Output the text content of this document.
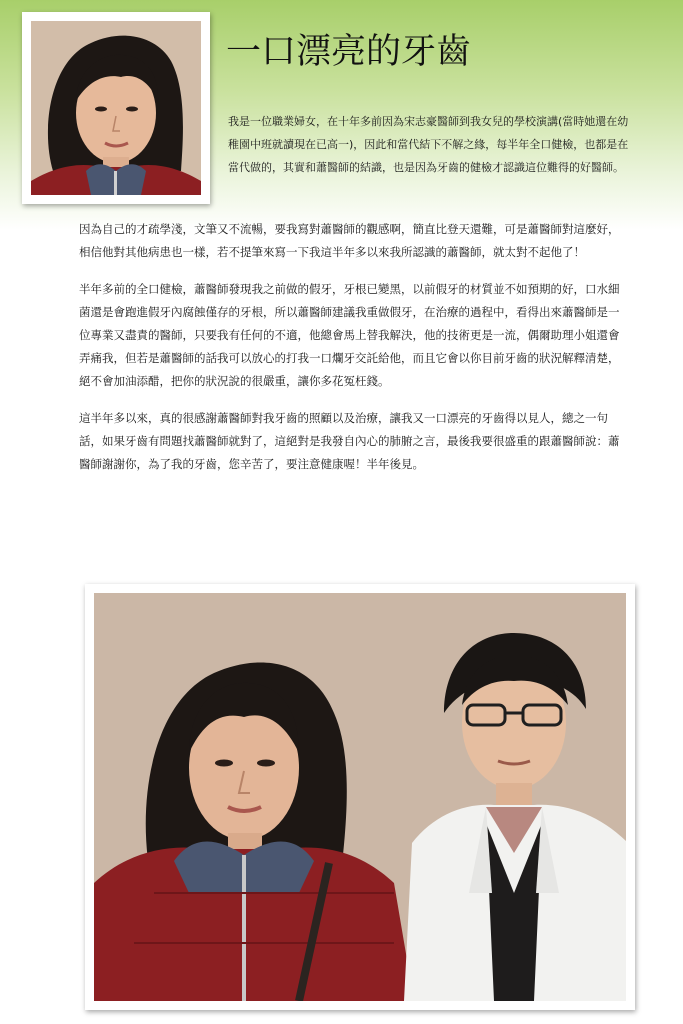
一口漂亮的牙齒

我是一位職業婦女，在十年多前因為宋志豪醫師到我女兒的學校演講(當時她還在幼稚園中班就讀現在已高一)，因此和當代結下不解之緣，每半年全口健檢，也都是在當代做的，其實和蕭醫師的結識，也是因為牙齒的健檢才認識這位難得的好醫師。

因為自己的才疏學淺，文筆又不流暢，要我寫對蕭醫師的觀感啊，簡直比登天還難，可是蕭醫師對這麼好，相信他對其他病患也一樣，若不提筆來寫一下我這半年多以來我所認識的蕭醫師，就太對不起他了！

半年多前的全口健檢，蕭醫師發現我之前做的假牙，牙根已變黑，以前假牙的材質並不如預期的好，口水細菌還是會跑進假牙內腐蝕僅存的牙根，所以蕭醫師建議我重做假牙，在治療的過程中，看得出來蕭醫師是一位專業又盡責的醫師，只要我有任何的不適，他總會馬上替我解決，他的技術更是一流，偶爾助理小姐還會弄痛我，但若是蕭醫師的話我可以放心的打我一口爛牙交託給他，而且它會以你目前牙齒的狀況解釋清楚，絕不會加油添醋，把你的狀況說的很嚴重，讓你多花冤枉錢。

這半年多以來，真的很感謝蕭醫師對我牙齒的照顧以及治療，讓我又一口漂亮的牙齒得以見人，總之一句話，如果牙齒有問題找蕭醫師就對了，這絕對是我發自內心的肺腑之言，最後我要很盛重的跟蕭醫師說：蕭醫師謝謝你，為了我的牙齒，您辛苦了，要注意健康喔！半年後見。
